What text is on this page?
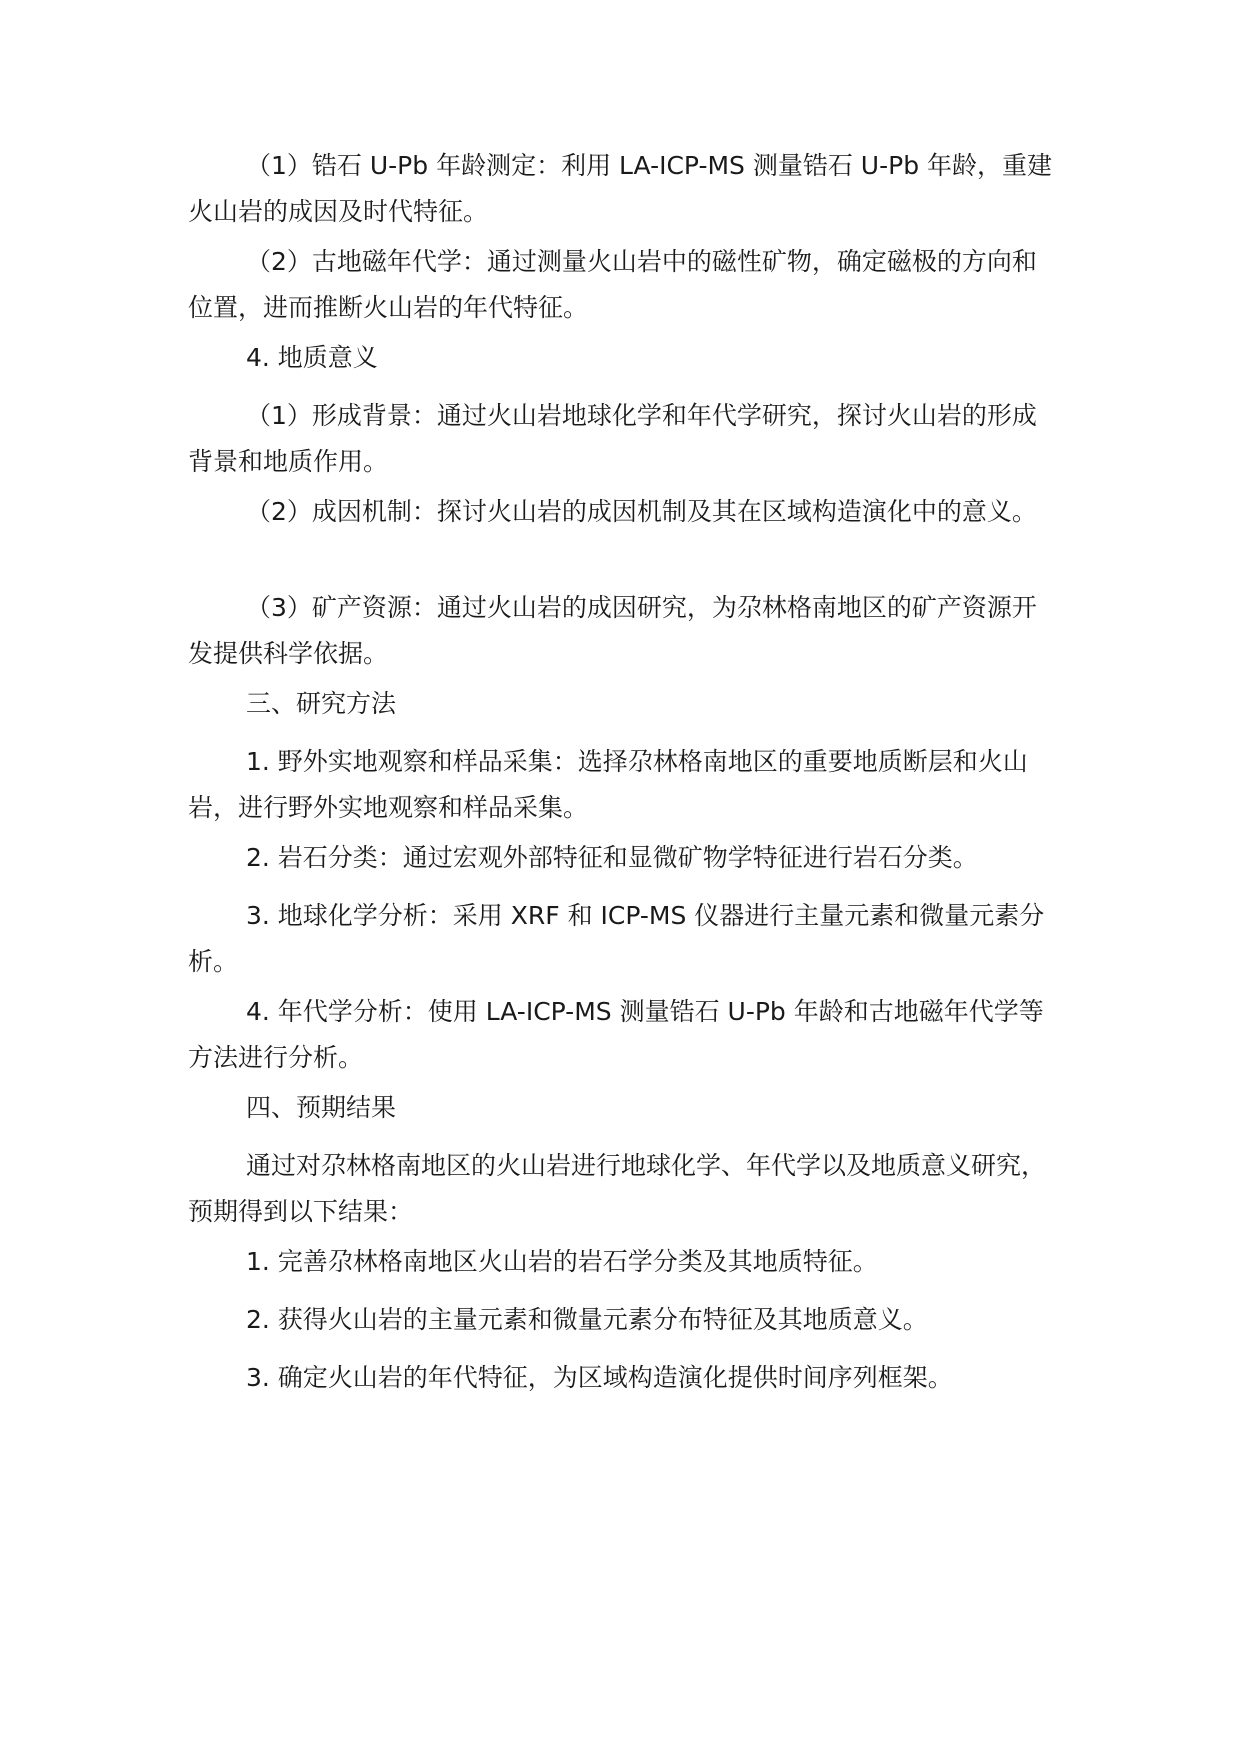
（1）锆石 U-Pb 年龄测定：利用 LA-ICP-MS 测量锆石 U-Pb 年龄，重建火山岩的成因及时代特征。

（2）古地磁年代学：通过测量火山岩中的磁性矿物，确定磁极的方向和位置，进而推断火山岩的年代特征。

4. 地质意义

（1）形成背景：通过火山岩地球化学和年代学研究，探讨火山岩的形成背景和地质作用。

（2）成因机制：探讨火山岩的成因机制及其在区域构造演化中的意义。

（3）矿产资源：通过火山岩的成因研究，为尕林格南地区的矿产资源开发提供科学依据。

三、研究方法

1. 野外实地观察和样品采集：选择尕林格南地区的重要地质断层和火山岩，进行野外实地观察和样品采集。

2. 岩石分类：通过宏观外部特征和显微矿物学特征进行岩石分类。

3. 地球化学分析：采用 XRF 和 ICP-MS 仪器进行主量元素和微量元素分析。

4. 年代学分析：使用 LA-ICP-MS 测量锆石 U-Pb 年龄和古地磁年代学等方法进行分析。

四、预期结果

通过对尕林格南地区的火山岩进行地球化学、年代学以及地质意义研究，预期得到以下结果：

1. 完善尕林格南地区火山岩的岩石学分类及其地质特征。

2. 获得火山岩的主量元素和微量元素分布特征及其地质意义。

3. 确定火山岩的年代特征，为区域构造演化提供时间序列框架。
